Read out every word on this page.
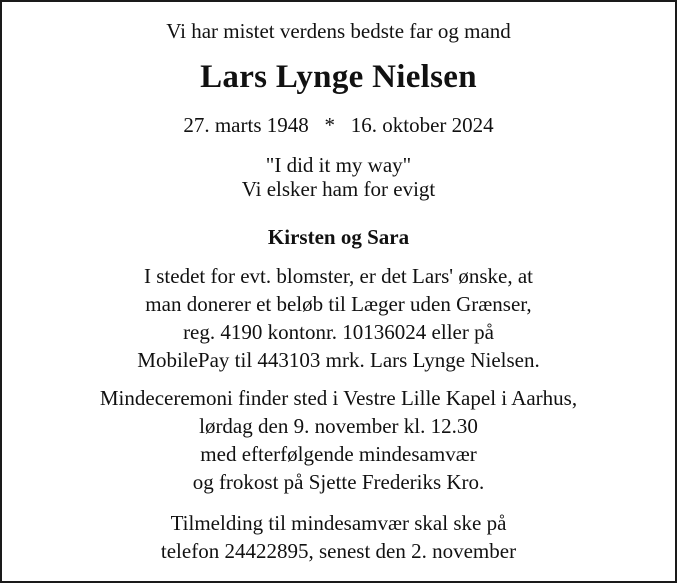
Vi har mistet verdens bedste far og mand

Lars Lynge Nielsen

27. marts 1948 * 16. oktober 2024

"I did it my way"

Vi elsker ham for evigt

Kirsten og Sara

I stedet for evt. blomster, er det Lars' ønske, at

man donerer et beløb til Læger uden Grænser,

reg. 4190 kontonr. 10136024 eller på

MobilePay til 443103 mrk. Lars Lynge Nielsen.

Mindeceremoni finder sted i Vestre Lille Kapel i Aarhus,

lørdag den 9. november kl. 12.30

med efterfølgende mindesamvær

og frokost på Sjette Frederiks Kro.

Tilmelding til mindesamvær skal ske på

telefon 24422895, senest den 2. november
